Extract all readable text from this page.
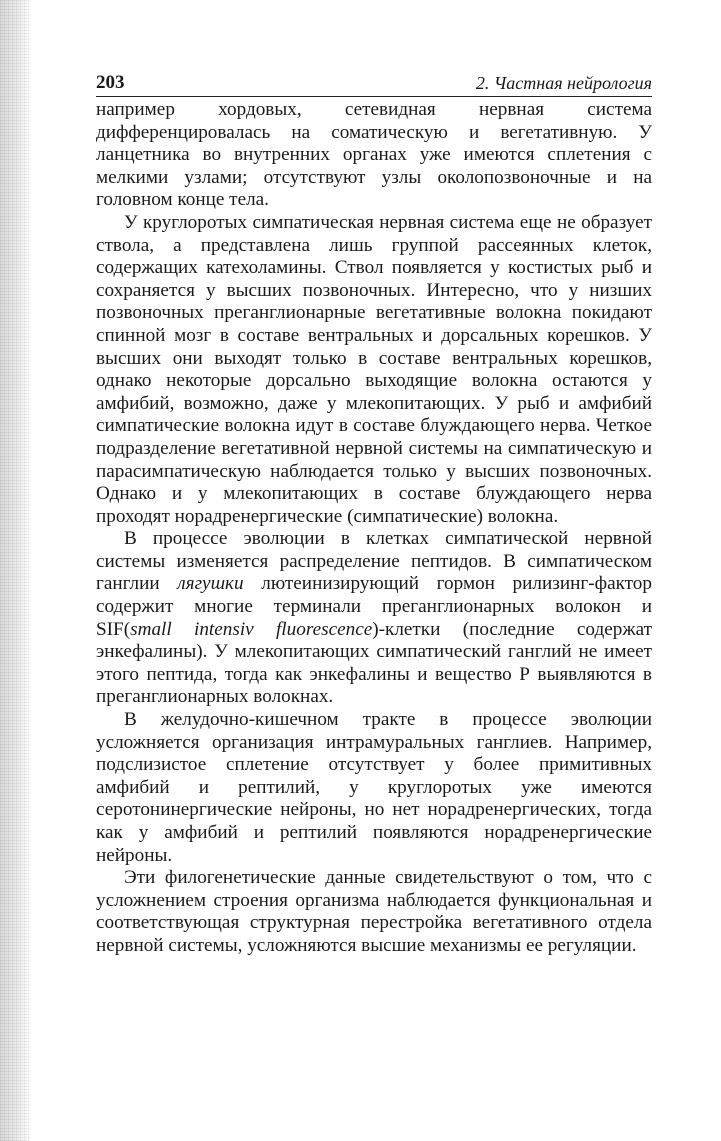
203	2. Частная нейрология

например хордовых, сетевидная нервная система дифференцировалась на соматическую и вегетативную. У ланцетника во внутренних органах уже имеются сплетения с мелкими узлами; отсутствуют узлы околопозвоночные и на головном конце тела.

У круглоротых симпатическая нервная система еще не образует ствола, а представлена лишь группой рассеянных клеток, содержащих катехоламины. Ствол появляется у костистых рыб и сохраняется у высших позвоночных. Интересно, что у низших позвоночных преганглионарные вегетативные волокна покидают спинной мозг в составе вентральных и дорсальных корешков. У высших они выходят только в составе вентральных корешков, однако некоторые дорсально выходящие волокна остаются у амфибий, возможно, даже у млекопитающих. У рыб и амфибий симпатические волокна идут в составе блуждающего нерва. Четкое подразделение вегетативной нервной системы на симпатическую и парасимпатическую наблюдается только у высших позвоночных. Однако и у млекопитающих в составе блуждающего нерва проходят норадренергические (симпатические) волокна.

В процессе эволюции в клетках симпатической нервной системы изменяется распределение пептидов. В симпатическом ганглии лягушки лютеинизирующий гормон рилизинг-фактор содержит многие терминали преганглионарных волокон и SIF(small intensiv fluorescence)-клетки (последние содержат энкефалины). У млекопитающих симпатический ганглий не имеет этого пептида, тогда как энкефалины и вещество Р выявляются в преганглионарных волокнах.

В желудочно-кишечном тракте в процессе эволюции усложняется организация интрамуральных ганглиев. Например, подслизистое сплетение отсутствует у более примитивных амфибий и рептилий, у круглоротых уже имеются серотонинергические нейроны, но нет норадренергических, тогда как у амфибий и рептилий появляются норадренергические нейроны.

Эти филогенетические данные свидетельствуют о том, что с усложнением строения организма наблюдается функциональная и соответствующая структурная перестройка вегетативного отдела нервной системы, усложняются высшие механизмы ее регуляции.
